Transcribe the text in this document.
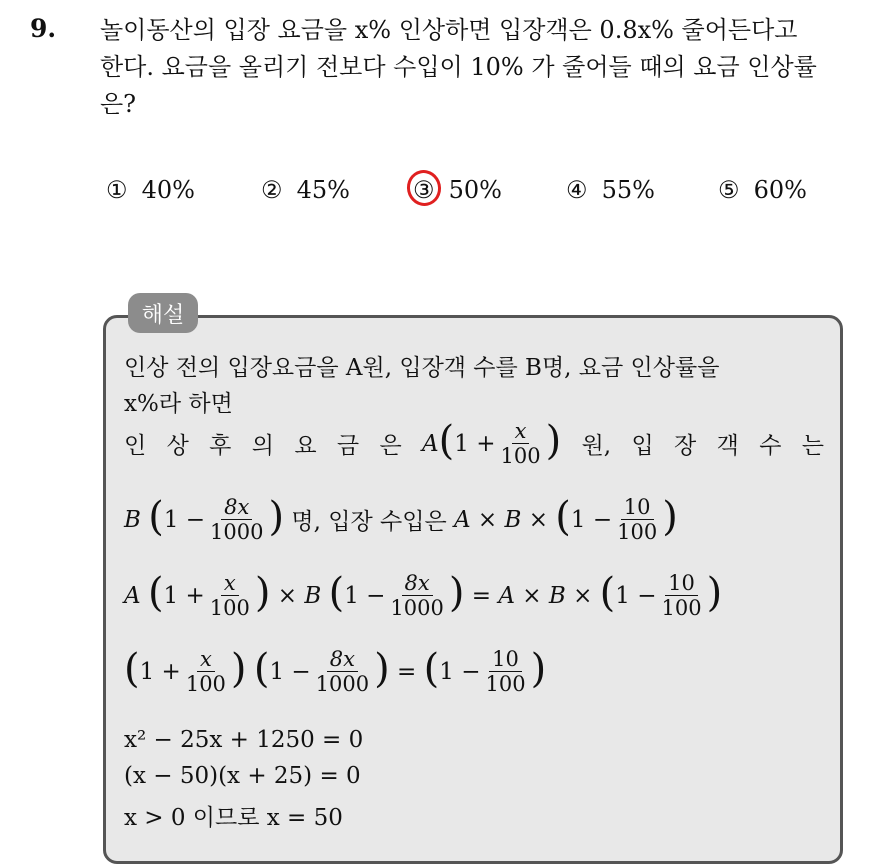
9. 놀이동산의 입장 요금을 x% 인상하면 입장객은 0.8x% 줄어든다고

한다. 요금을 올리기 전보다 수입이 10% 가 줄어들 때의 요금 인상률

은?

① 40%	② 45%	③ 50%	④ 55%	⑤ 60%
해설
인상 전의 입장요금을 A원, 입장객 수를 B명, 요금 인상률을
x%라 하면
인 상 후 의 요 금 은 A ( $1 + \frac{x}{100}$ ) 원, 입 장 객 수 는
B
( $1 - \frac{8x}{1000}$ )
명, 입장 수입은
A × B ×
( $1 - \frac{10}{100}$ )
A
( $1 + \frac{x}{100}$ )
× B
( $1 - \frac{8x}{1000}$ )
= A × B ×
( $1 - \frac{10}{100}$ )
( $1 + \frac{x}{100}$ )
( $1 - \frac{8x}{1000}$ )
=
( $1 - \frac{10}{100}$ )
x² − 25x + 1250 = 0
(x − 50)(x + 25) = 0
x > 0 이므로 x = 50
